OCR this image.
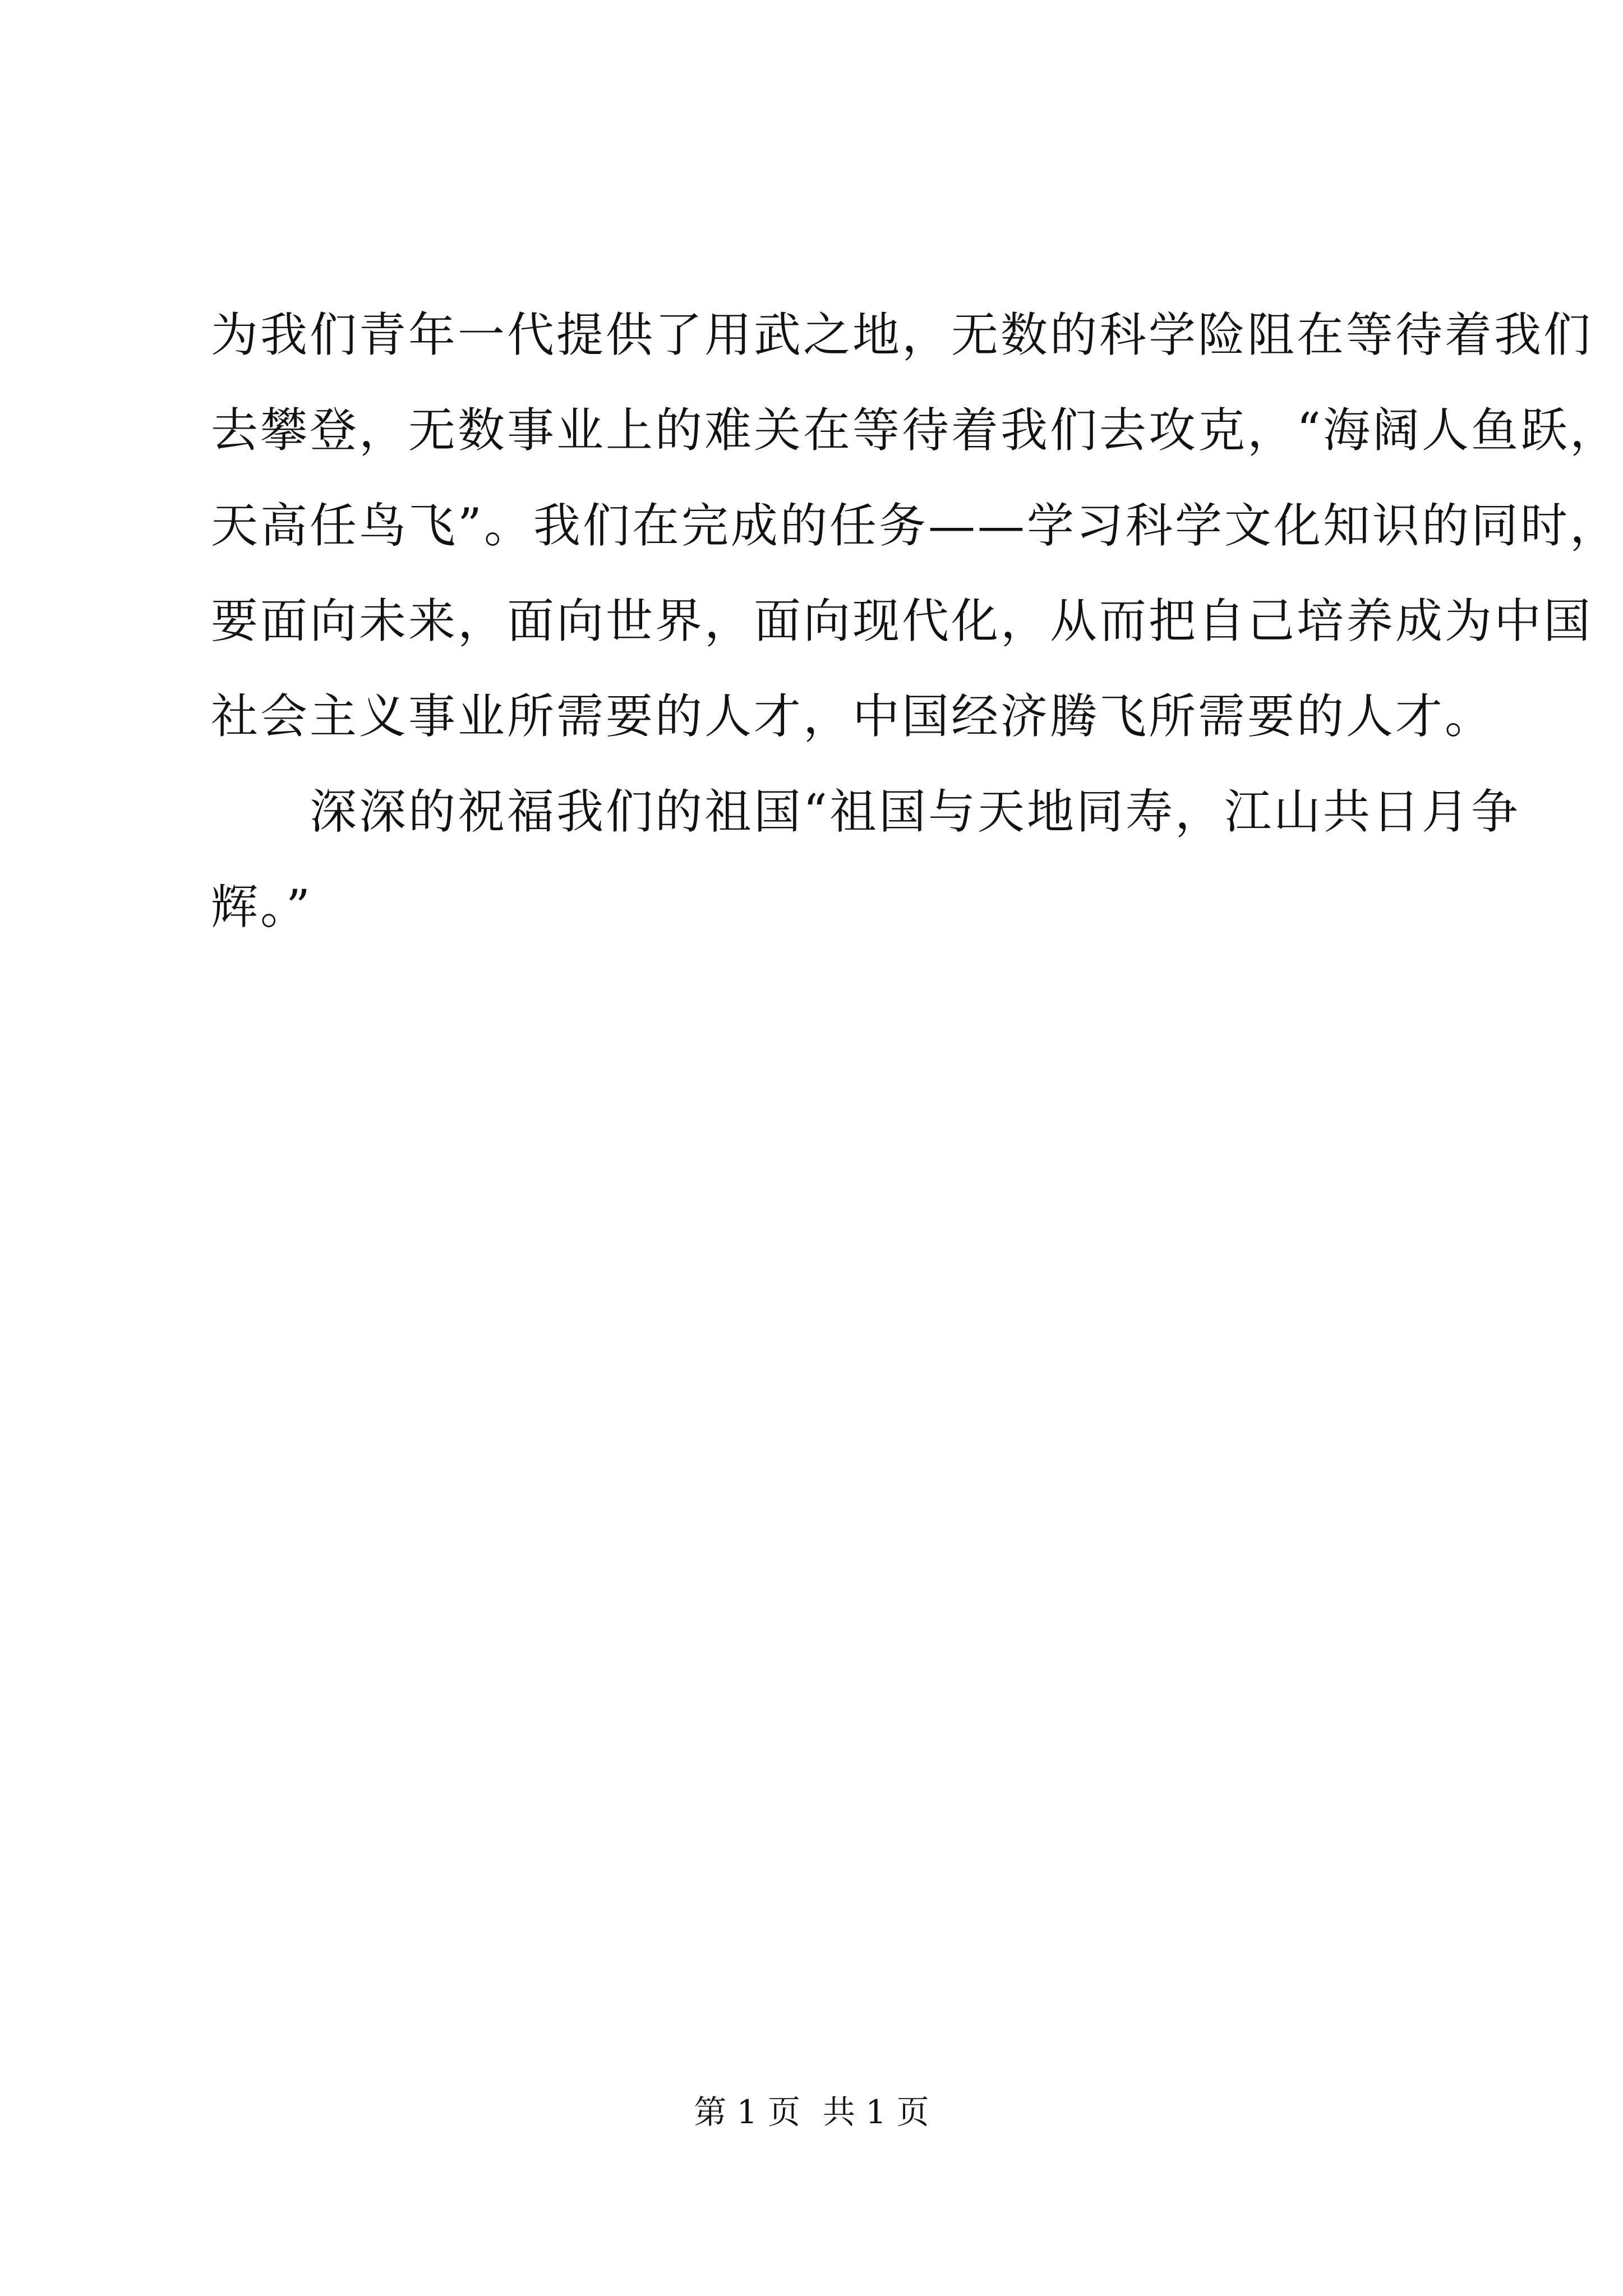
为我们青年一代提供了用武之地，无数的科学险阻在等待着我们
去攀登，无数事业上的难关在等待着我们去攻克，“海阔人鱼跃，
天高任鸟飞”。我们在完成的任务——学习科学文化知识的同时，
要面向未来，面向世界，面向现代化，从而把自己培养成为中国
社会主义事业所需要的人才，中国经济腾飞所需要的人才。
深深的祝福我们的祖国“祖国与天地同寿，江山共日月争
辉。”
第 1 页 共 1 页
